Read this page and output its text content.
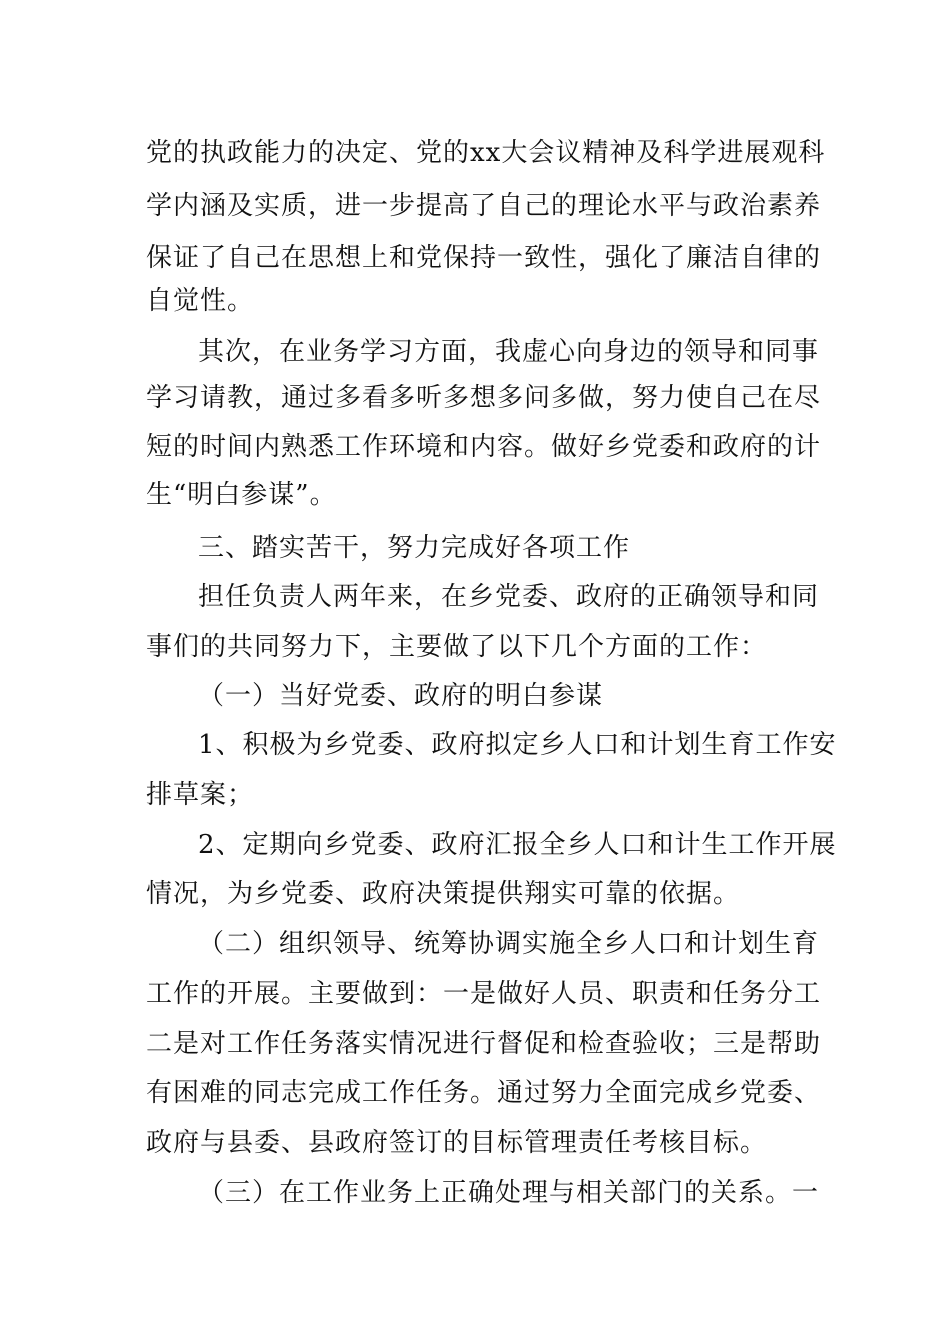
党的执政能力的决定、党的xx大会议精神及科学进展观科
学内涵及实质，进一步提高了自己的理论水平与政治素养
保证了自己在思想上和党保持一致性，强化了廉洁自律的
自觉性。
其次，在业务学习方面，我虚心向身边的领导和同事
学习请教，通过多看多听多想多问多做，努力使自己在尽
短的时间内熟悉工作环境和内容。做好乡党委和政府的计
生“明白参谋”。
三、踏实苦干，努力完成好各项工作
担任负责人两年来，在乡党委、政府的正确领导和同
事们的共同努力下，主要做了以下几个方面的工作：
（一）当好党委、政府的明白参谋
1、积极为乡党委、政府拟定乡人口和计划生育工作安
排草案；
2、定期向乡党委、政府汇报全乡人口和计生工作开展
情况，为乡党委、政府决策提供翔实可靠的依据。
（二）组织领导、统筹协调实施全乡人口和计划生育
工作的开展。主要做到：一是做好人员、职责和任务分工
二是对工作任务落实情况进行督促和检查验收；三是帮助
有困难的同志完成工作任务。通过努力全面完成乡党委、
政府与县委、县政府签订的目标管理责任考核目标。
（三）在工作业务上正确处理与相关部门的关系。一
